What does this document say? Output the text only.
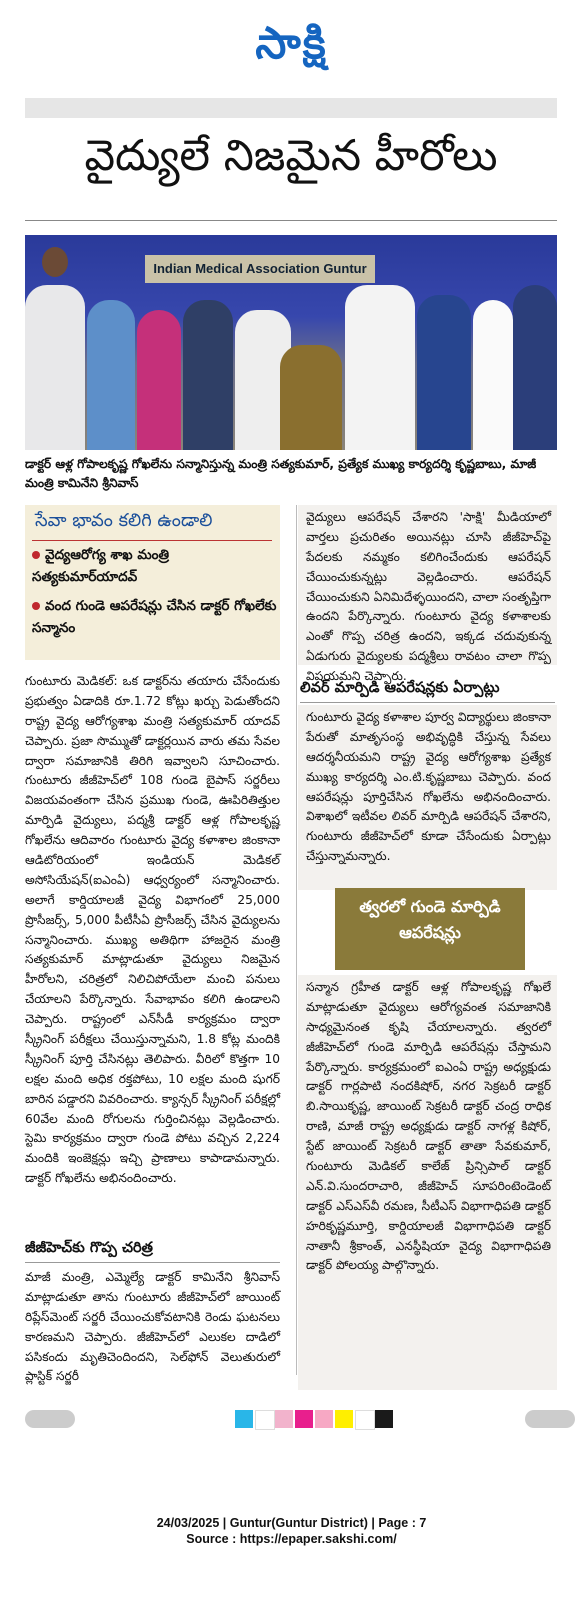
సాక్షి
వైద్యులే నిజమైన హీరోలు
Indian Medical Association Guntur
డాక్టర్ ఆళ్ల గోపాలకృష్ణ గోఖలేను సన్మానిస్తున్న మంత్రి సత్యకుమార్, ప్రత్యేక ముఖ్య కార్యదర్శి కృష్ణబాబు, మాజీ మంత్రి కామినేని శ్రీనివాస్
సేవా భావం కలిగి ఉండాలి
వైద్యఆరోగ్య శాఖ మంత్రి సత్యకుమార్‌యాదవ్
వంద గుండె ఆపరేషన్లు చేసిన డాక్టర్ గోఖలేకు సన్మానం
గుంటూరు మెడికల్: ఒక డాక్టర్‌ను తయారు చేసేందుకు ప్రభుత్వం ఏడాదికి రూ.1.72 కోట్లు ఖర్చు పెడుతోందని రాష్ట్ర వైద్య ఆరోగ్యశాఖ మంత్రి సత్యకుమార్ యాదవ్ చెప్పారు. ప్రజా సొమ్ముతో డాక్టర్లయిన వారు తమ సేవల ద్వారా సమాజానికి తిరిగి ఇవ్వాలని సూచించారు. గుంటూరు జీజీహెచ్‌లో 108 గుండె బైపాస్ సర్జరీలు విజయవంతంగా చేసిన ప్రముఖ గుండె, ఊపిరితిత్తుల మార్పిడి వైద్యులు, పద్మశ్రీ డాక్టర్ ఆళ్ల గోపాలకృష్ణ గోఖలేను ఆదివారం గుంటూరు వైద్య కళాశాల జింకానా ఆడిటోరియంలో ఇండియన్ మెడికల్ అసోసియేషన్(ఐఎంఏ) ఆధ్వర్యంలో సన్మానించారు. అలాగే కార్డియాలజీ వైద్య విభాగంలో 25,000 ప్రొసీజర్స్, 5,000 పీటీసీఏ ప్రొసీజర్స్ చేసిన వైద్యులను సన్మానించారు. ముఖ్య అతిథిగా హాజరైన మంత్రి సత్యకుమార్ మాట్లాడుతూ వైద్యులు నిజమైన హీరోలని, చరిత్రలో నిలిచిపోయేలా మంచి పనులు చేయాలని పేర్కొన్నారు. సేవాభావం కలిగి ఉండాలని చెప్పారు. రాష్ట్రంలో ఎన్‌సీడీ కార్యక్రమం ద్వారా స్క్రీనింగ్ పరీక్షలు చేయిస్తున్నామని, 1.8 కోట్ల మందికి స్క్రీనింగ్ పూర్తి చేసినట్లు తెలిపారు. వీరిలో కొత్తగా 10 లక్షల మంది అధిక రక్తపోటు, 10 లక్షల మంది షుగర్ బారిన పడ్డారని వివరించారు. క్యాన్సర్ స్క్రీనింగ్ పరీక్షల్లో 60వేల మంది రోగులను గుర్తించినట్లు వెల్లడించారు. స్టెమి కార్యక్రమం ద్వారా గుండె పోటు వచ్చిన 2,224 మందికి ఇంజెక్షన్లు ఇచ్చి ప్రాణాలు కాపాడామన్నారు. డాక్టర్ గోఖలేను అభినందించారు.
జీజీహెచ్‌కు గొప్ప చరిత్ర
మాజీ మంత్రి, ఎమ్మెల్యే డాక్టర్ కామినేని శ్రీనివాస్ మాట్లాడుతూ తాను గుంటూరు జీజీహెచ్‌లో జాయింట్ రిప్లేస్‌మెంట్ సర్జరీ చేయించుకోవటానికి రెండు ఘటనలు కారణమని చెప్పారు. జీజీహెచ్‌లో ఎలుకల దాడిలో పసికందు మృతిచెందిందని, సెల్‌ఫోన్ వెలుతురులో ప్లాస్టిక్ సర్జరీ
వైద్యులు ఆపరేషన్ చేశారని 'సాక్షి' మీడియాలో వార్తలు ప్రచురితం అయినట్లు చూసి జీజీహెచ్‌పై పేదలకు నమ్మకం కలిగించేందుకు ఆపరేషన్ చేయించుకున్నట్లు వెల్లడించారు. ఆపరేషన్ చేయించుకుని ఏనిమిదేళ్ళయిందని, చాలా సంతృప్తిగా ఉందని పేర్కొన్నారు. గుంటూరు వైద్య కళాశాలకు ఎంతో గొప్ప చరిత్ర ఉందని, ఇక్కడ చదువుకున్న ఏడుగురు వైద్యులకు పద్మశ్రీలు రావటం చాలా గొప్ప విషయమని చెప్పారు.
లివర్ మార్పిడి ఆపరేషన్లకు ఏర్పాట్లు
గుంటూరు వైద్య కళాశాల పూర్వ విద్యార్థులు జింకానా పేరుతో మాతృసంస్థ అభివృద్ధికి చేస్తున్న సేవలు ఆదర్శనీయమని రాష్ట్ర వైద్య ఆరోగ్యశాఖ ప్రత్యేక ముఖ్య కార్యదర్శి ఎం.టి.కృష్ణబాబు చెప్పారు. వంద ఆపరేషన్లు పూర్తిచేసిన గోఖలేను అభినందించారు. విశాఖలో ఇటీవల లివర్ మార్పిడి ఆపరేషన్ చేశారని, గుంటూరు జీజీహెచ్‌లో కూడా చేసేందుకు ఏర్పాట్లు చేస్తున్నామన్నారు.
త్వరలో గుండె మార్పిడి ఆపరేషన్లు
సన్మాన గ్రహీత డాక్టర్ ఆళ్ల గోపాలకృష్ణ గోఖలే మాట్లాడుతూ వైద్యులు ఆరోగ్యవంత సమాజానికి సాధ్యమైనంత కృషి చేయాలన్నారు. త్వరలో జీజీహెచ్‌లో గుండె మార్పిడి ఆపరేషన్లు చేస్తామని పేర్కొన్నారు. కార్యక్రమంలో ఐఎంఏ రాష్ట్ర అధ్యక్షుడు డాక్టర్ గార్లపాటి నందకిషోర్, నగర సెక్రటరీ డాక్టర్ బి.సాయికృష్ణ, జాయింట్ సెక్రటరీ డాక్టర్ చంద్ర రాధిక రాణి, మాజీ రాష్ట్ర అధ్యక్షుడు డాక్టర్ నాగళ్ల కిషోర్, స్టేట్ జాయింట్ సెక్రటరీ డాక్టర్ తాతా సేవకుమార్, గుంటూరు మెడికల్ కాలేజ్ ప్రిన్సిపాల్ డాక్టర్ ఎన్.వి.సుందరాచారి, జీజీహెచ్ సూపరింటెండెంట్ డాక్టర్ ఎస్ఎస్‌వీ రమణ, సీటీఎస్ విభాగాధిపతి డాక్టర్ హరికృష్ణమూర్తి, కార్డియాలజీ విభాగాధిపతి డాక్టర్ నాతానీ శ్రీకాంత్, ఎనస్థీషియా వైద్య విభాగాధిపతి డాక్టర్ పోలయ్య పాల్గొన్నారు.
24/03/2025 | Guntur(Guntur District) | Page : 7
Source : https://epaper.sakshi.com/
